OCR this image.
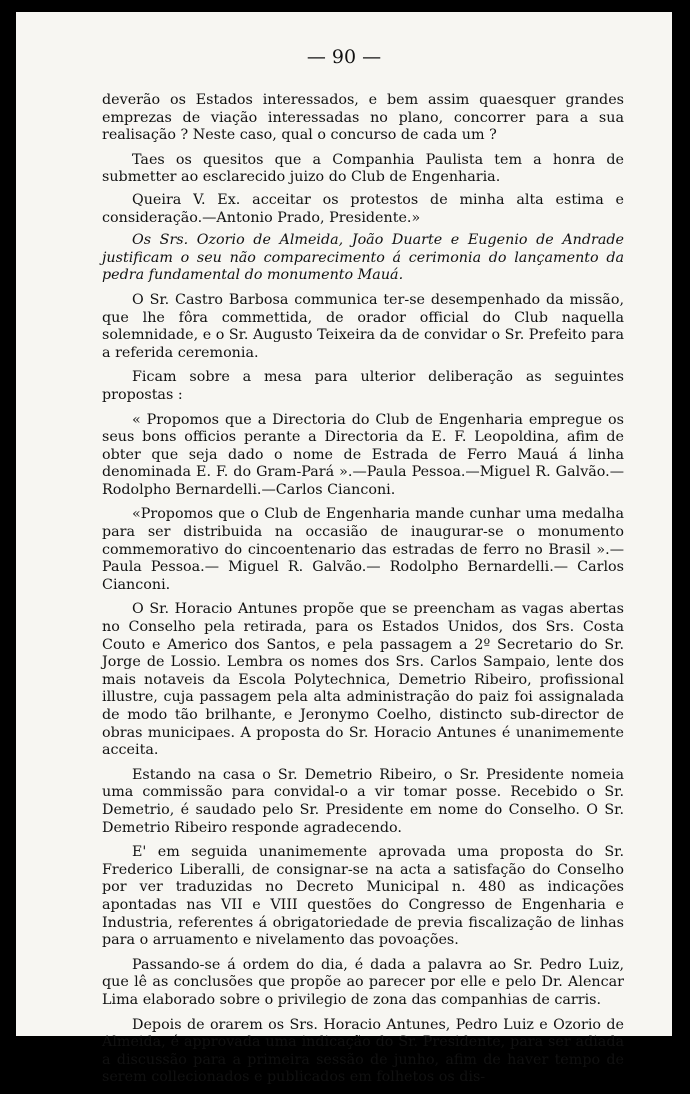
— 90 —

deverão os Estados interessados, e bem assim quaesquer grandes emprezas de viação interessadas no plano, concorrer para a sua realisação ? Neste caso, qual o concurso de cada um ?

Taes os quesitos que a Companhia Paulista tem a honra de submetter ao esclarecido juizo do Club de Engenharia.

Queira V. Ex. acceitar os protestos de minha alta estima e consideração.—Antonio Prado, Presidente.»

Os Srs. Ozorio de Almeida, João Duarte e Eugenio de Andrade justificam o seu não comparecimento á cerimonia do lançamento da pedra fundamental do monumento Mauá.

O Sr. Castro Barbosa communica ter-se desempenhado da missão, que lhe fôra commettida, de orador official do Club naquella solemnidade, e o Sr. Augusto Teixeira da de convidar o Sr. Prefeito para a referida ceremonia.

Ficam sobre a mesa para ulterior deliberação as seguintes propostas :

« Propomos que a Directoria do Club de Engenharia empregue os seus bons officios perante a Directoria da E. F. Leopoldina, afim de obter que seja dado o nome de Estrada de Ferro Mauá á linha denominada E. F. do Gram-Pará ».—Paula Pessoa.—Miguel R. Galvão.—Rodolpho Bernardelli.—Carlos Cianconi.

«Propomos que o Club de Engenharia mande cunhar uma medalha para ser distribuida na occasião de inaugurar-se o monumento commemorativo do cincoentenario das estradas de ferro no Brasil ».—Paula Pessoa.— Miguel R. Galvão.— Rodolpho Bernardelli.— Carlos Cianconi.

O Sr. Horacio Antunes propõe que se preencham as vagas abertas no Conselho pela retirada, para os Estados Unidos, dos Srs. Costa Couto e Americo dos Santos, e pela passagem a 2º Secretario do Sr. Jorge de Lossio. Lembra os nomes dos Srs. Carlos Sampaio, lente dos mais notaveis da Escola Polytechnica, Demetrio Ribeiro, profissional illustre, cuja passagem pela alta administração do paiz foi assignalada de modo tão brilhante, e Jeronymo Coelho, distincto sub-director de obras municipaes. A proposta do Sr. Horacio Antunes é unanimemente acceita.

Estando na casa o Sr. Demetrio Ribeiro, o Sr. Presidente nomeia uma commissão para convidal-o a vir tomar posse. Recebido o Sr. Demetrio, é saudado pelo Sr. Presidente em nome do Conselho. O Sr. Demetrio Ribeiro responde agradecendo.

E' em seguida unanimemente aprovada uma proposta do Sr. Frederico Liberalli, de consignar-se na acta a satisfação do Conselho por ver traduzidas no Decreto Municipal n. 480 as indicações apontadas nas VII e VIII questões do Congresso de Engenharia e Industria, referentes á obrigatoriedade de previa fiscalização de linhas para o arruamento e nivelamento das povoações.

Passando-se á ordem do dia, é dada a palavra ao Sr. Pedro Luiz, que lê as conclusões que propõe ao parecer por elle e pelo Dr. Alencar Lima elaborado sobre o privilegio de zona das companhias de carris.

Depois de orarem os Srs. Horacio Antunes, Pedro Luiz e Ozorio de Almeida, é approvada uma indicação do Sr. Presidente, para ser adiada a discussão para a primeira sessão de junho, afim de haver tempo de serem collecionados e publicados em folhetos os dis-
